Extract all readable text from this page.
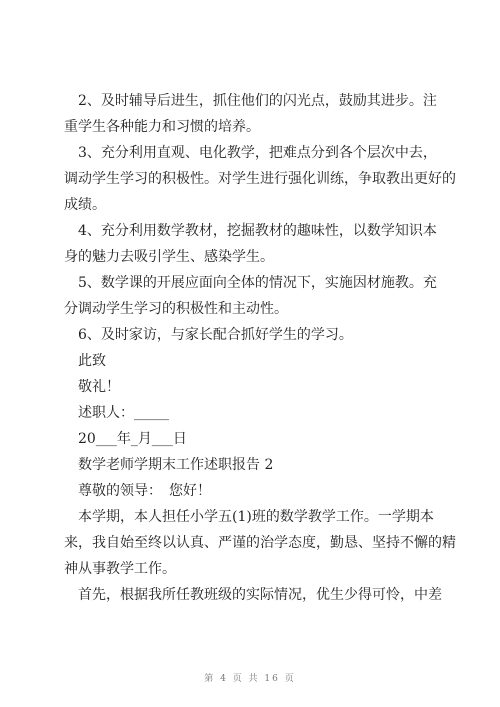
　2、及时辅导后进生，抓住他们的闪光点，鼓励其进步。注
重学生各种能力和习惯的培养。
　3、充分利用直观、电化教学，把难点分到各个层次中去，
调动学生学习的积极性。对学生进行强化训练，争取教出更好的
成绩。
　4、充分利用数学教材，挖掘教材的趣味性，以数学知识本
身的魅力去吸引学生、感染学生。
　5、数学课的开展应面向全体的情况下，实施因材施教。充
分调动学生学习的积极性和主动性。
　6、及时家访，与家长配合抓好学生的学习。
　此致
　敬礼！
　述职人：_____
　20___年_月___日
　数学老师学期末工作述职报告 2
　尊敬的领导：　您好！
　本学期，本人担任小学五(1)班的数学教学工作。一学期本
来，我自始至终以认真、严谨的治学态度，勤恳、坚持不懈的精
神从事教学工作。
　首先，根据我所任教班级的实际情况，优生少得可怜，中差
第 4 页 共 16 页
